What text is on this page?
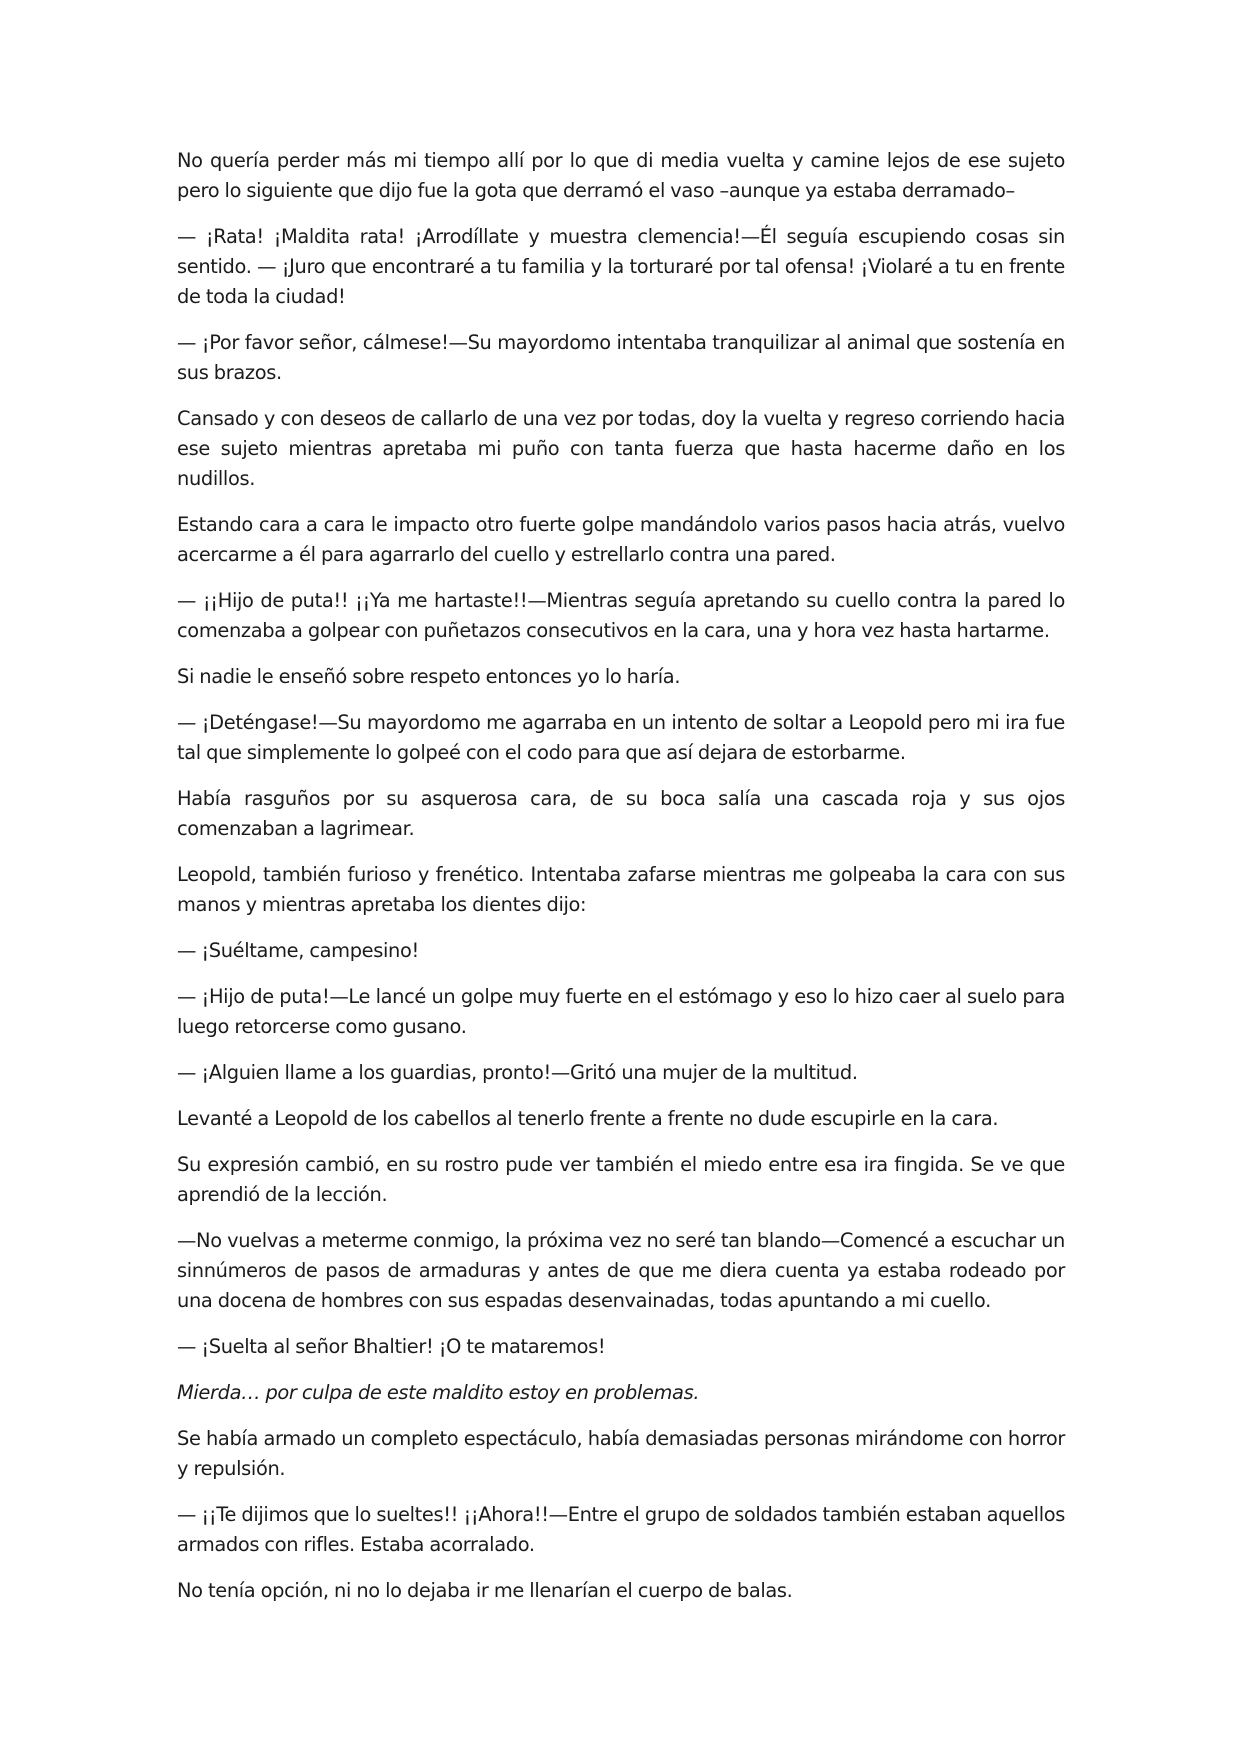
No quería perder más mi tiempo allí por lo que di media vuelta y camine lejos de ese sujeto pero lo siguiente que dijo fue la gota que derramó el vaso –aunque ya estaba derramado–

— ¡Rata! ¡Maldita rata! ¡Arrodíllate y muestra clemencia!—Él seguía escupiendo cosas sin sentido. — ¡Juro que encontraré a tu familia y la torturaré por tal ofensa! ¡Violaré a tu en frente de toda la ciudad!

— ¡Por favor señor, cálmese!—Su mayordomo intentaba tranquilizar al animal que sostenía en sus brazos.

Cansado y con deseos de callarlo de una vez por todas, doy la vuelta y regreso corriendo hacia ese sujeto mientras apretaba mi puño con tanta fuerza que hasta hacerme daño en los nudillos.

Estando cara a cara le impacto otro fuerte golpe mandándolo varios pasos hacia atrás, vuelvo acercarme a él para agarrarlo del cuello y estrellarlo contra una pared.

— ¡¡Hijo de puta!! ¡¡Ya me hartaste!!—Mientras seguía apretando su cuello contra la pared lo comenzaba a golpear con puñetazos consecutivos en la cara, una y hora vez hasta hartarme.

Si nadie le enseñó sobre respeto entonces yo lo haría.

— ¡Deténgase!—Su mayordomo me agarraba en un intento de soltar a Leopold pero mi ira fue tal que simplemente lo golpeé con el codo para que así dejara de estorbarme.

Había rasguños por su asquerosa cara, de su boca salía una cascada roja y sus ojos comenzaban a lagrimear.

Leopold, también furioso y frenético. Intentaba zafarse mientras me golpeaba la cara con sus manos y mientras apretaba los dientes dijo:

— ¡Suéltame, campesino!

— ¡Hijo de puta!—Le lancé un golpe muy fuerte en el estómago y eso lo hizo caer al suelo para luego retorcerse como gusano.

— ¡Alguien llame a los guardias, pronto!—Gritó una mujer de la multitud.

Levanté a Leopold de los cabellos al tenerlo frente a frente no dude escupirle en la cara.

Su expresión cambió, en su rostro pude ver también el miedo entre esa ira fingida. Se ve que aprendió de la lección.

—No vuelvas a meterme conmigo, la próxima vez no seré tan blando—Comencé a escuchar un sinnúmeros de pasos de armaduras y antes de que me diera cuenta ya estaba rodeado por una docena de hombres con sus espadas desenvainadas, todas apuntando a mi cuello.

— ¡Suelta al señor Bhaltier! ¡O te mataremos!

Mierda… por culpa de este maldito estoy en problemas.

Se había armado un completo espectáculo, había demasiadas personas mirándome con horror y repulsión.

— ¡¡Te dijimos que lo sueltes!! ¡¡Ahora!!—Entre el grupo de soldados también estaban aquellos armados con rifles. Estaba acorralado.

No tenía opción, ni no lo dejaba ir me llenarían el cuerpo de balas.
